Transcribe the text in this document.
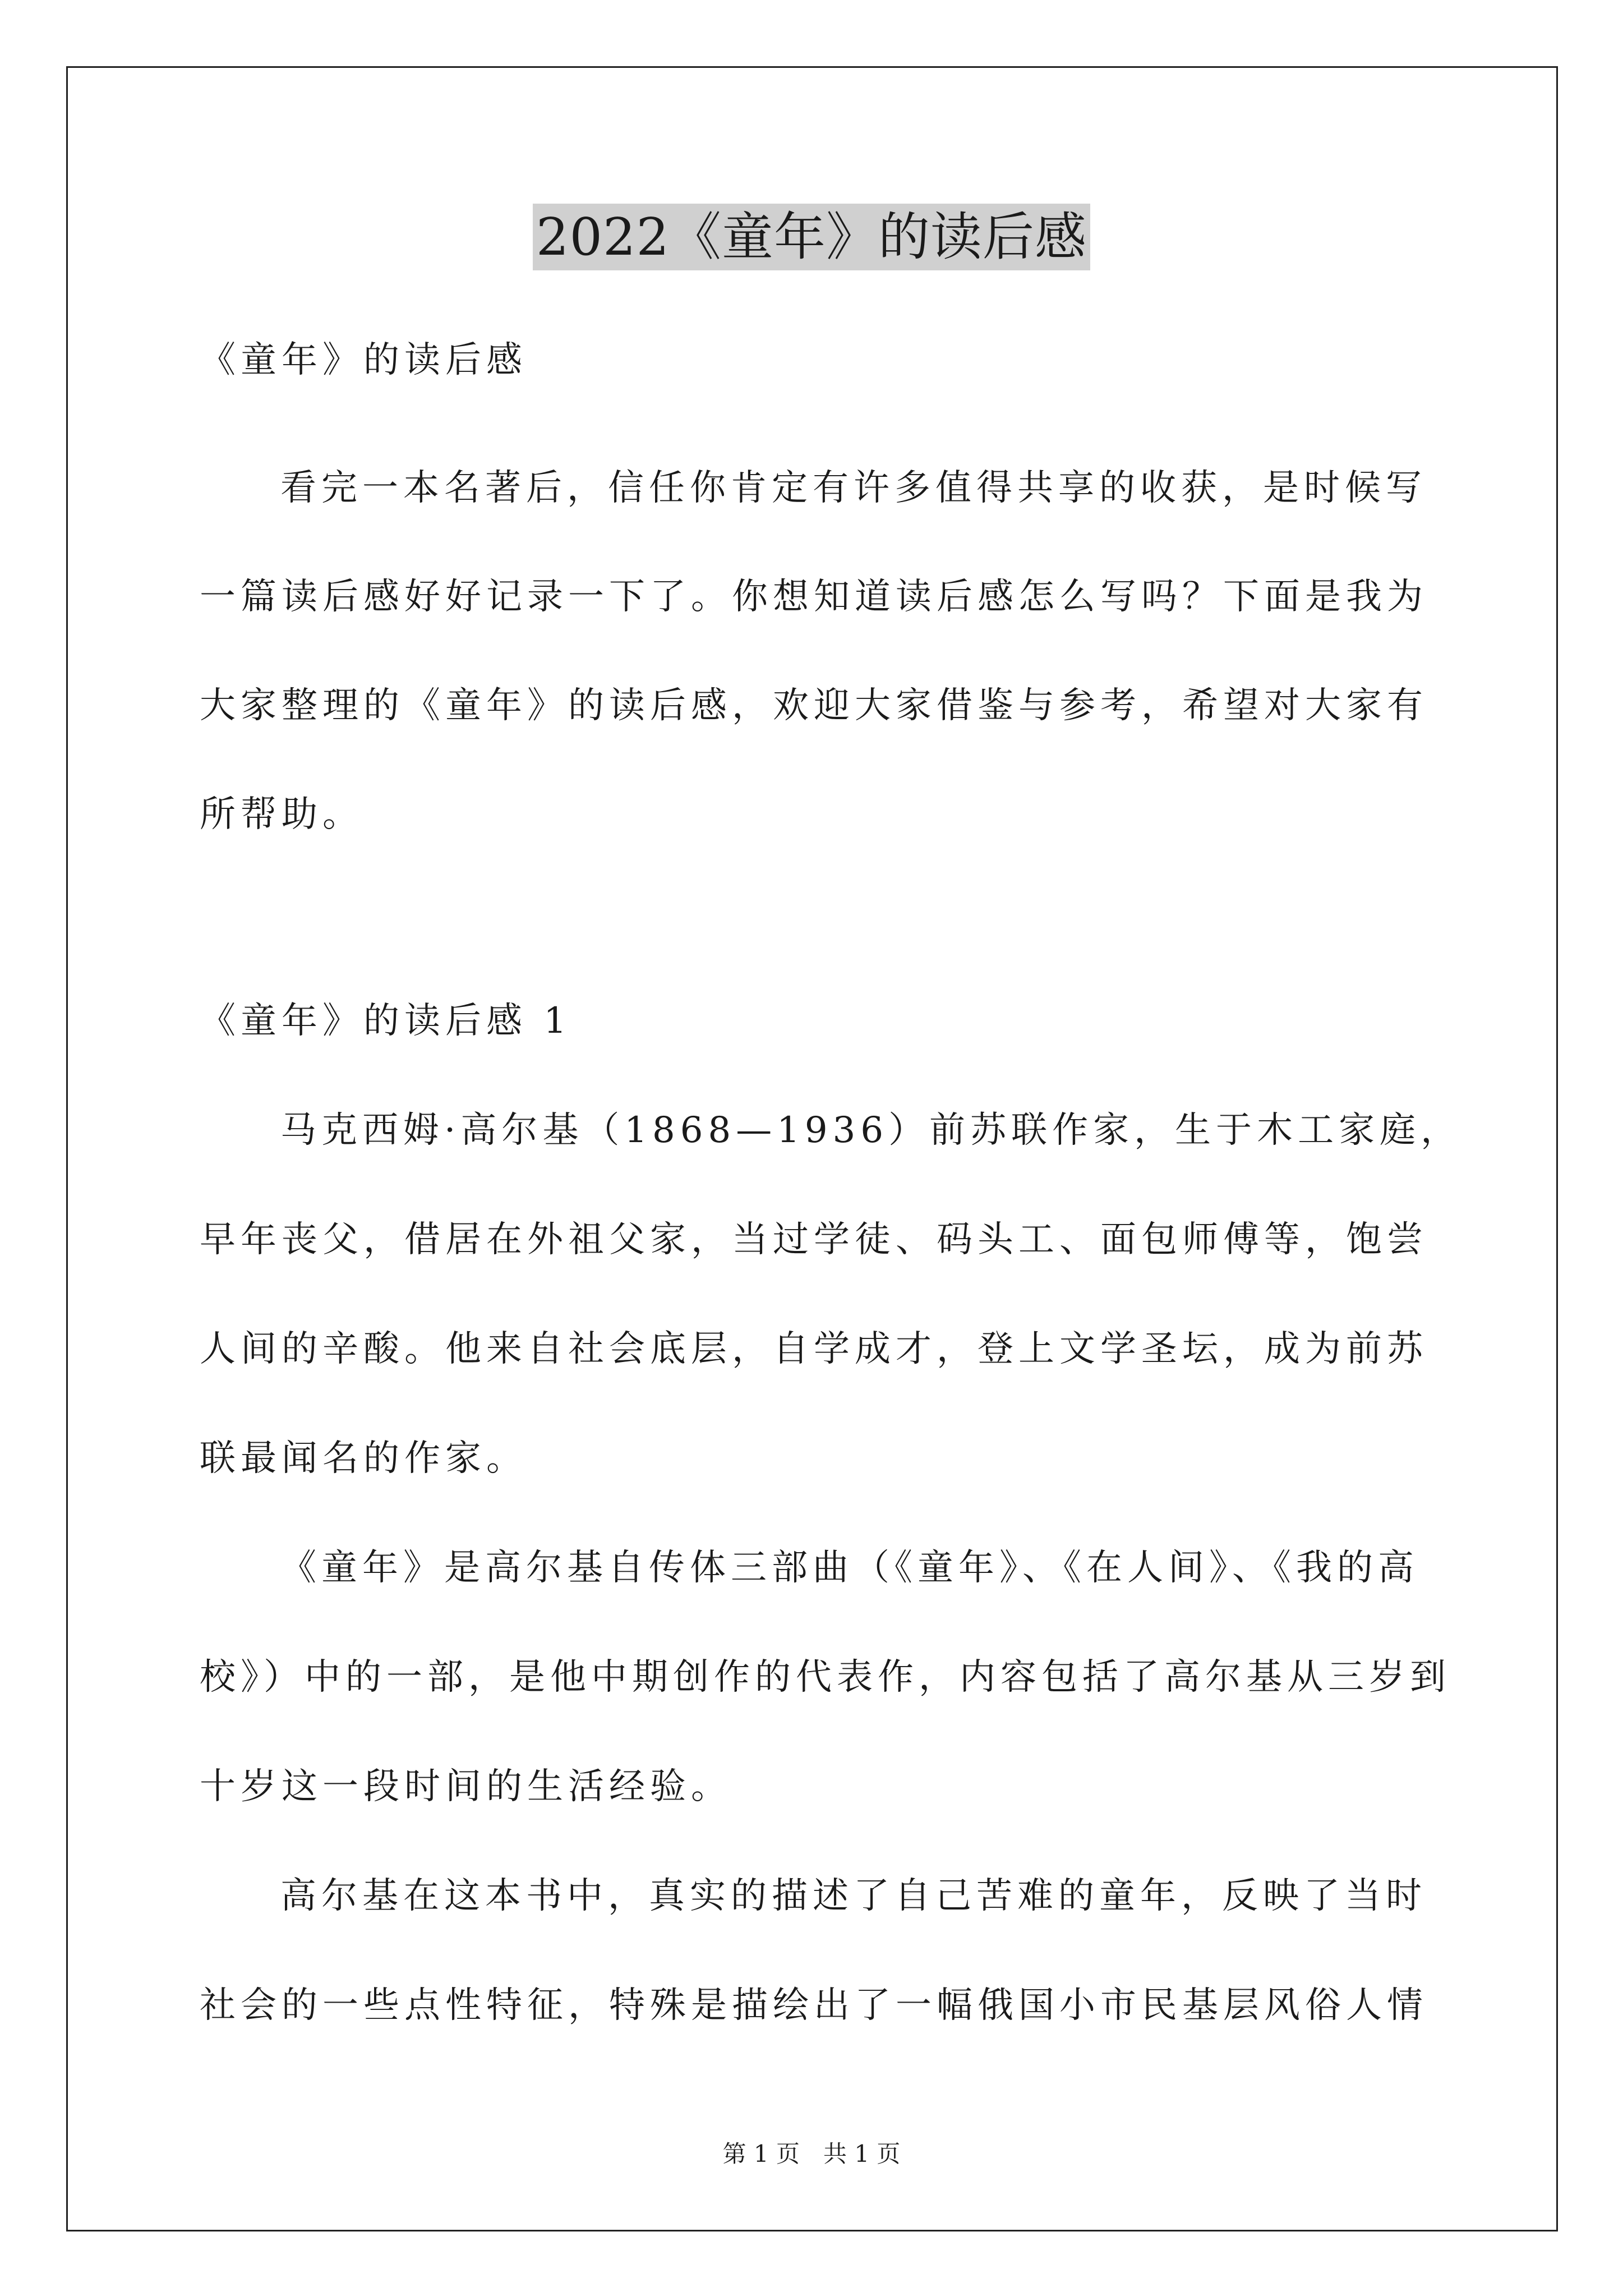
2022《童年》的读后感
《童年》的读后感
看完一本名著后，信任你肯定有许多值得共享的收获，是时候写
一篇读后感好好记录一下了。你想知道读后感怎么写吗？下面是我为
大家整理的《童年》的读后感，欢迎大家借鉴与参考，希望对大家有
所帮助。
《童年》的读后感 1
马克西姆·高尔基（1868—1936）前苏联作家，生于木工家庭，
早年丧父，借居在外祖父家，当过学徒、码头工、面包师傅等，饱尝
人间的辛酸。他来自社会底层，自学成才，登上文学圣坛，成为前苏
联最闻名的作家。
《童年》是高尔基自传体三部曲（《童年》、《在人间》、《我的高
校》）中的一部，是他中期创作的代表作，内容包括了高尔基从三岁到
十岁这一段时间的生活经验。
高尔基在这本书中，真实的描述了自己苦难的童年，反映了当时
社会的一些点性特征，特殊是描绘出了一幅俄国小市民基层风俗人情
第 1 页　共 1 页
